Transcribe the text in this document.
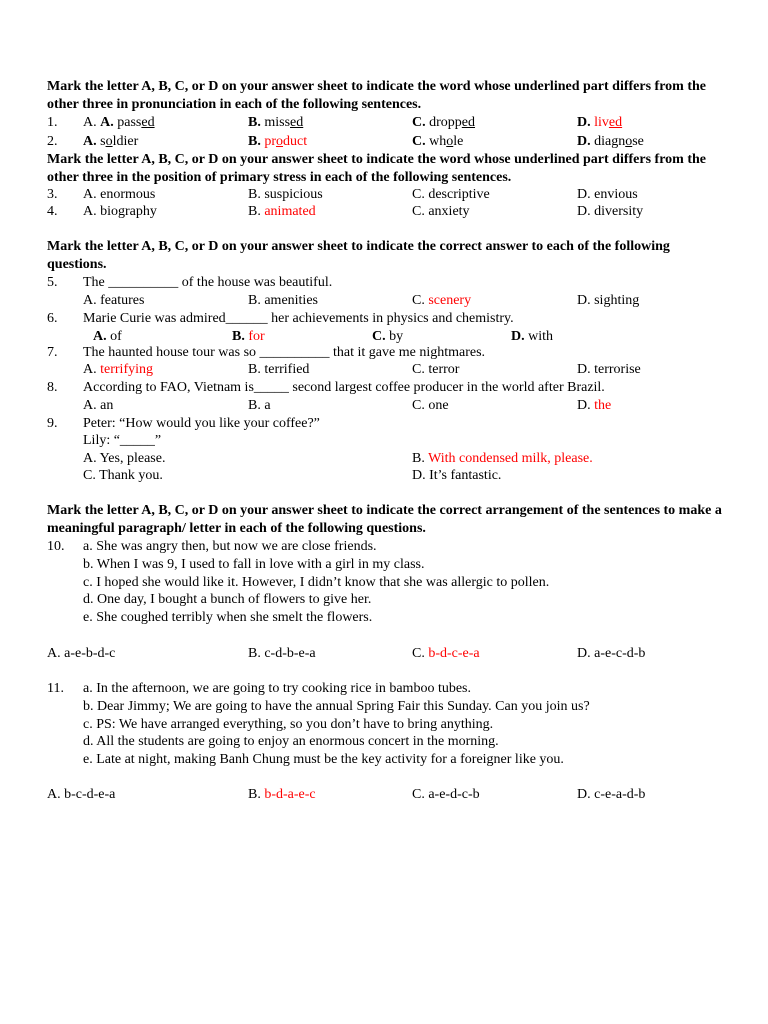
Mark the letter A, B, C, or D on your answer sheet to indicate the word whose underlined part differs from the other three in pronunciation in each of the following sentences.
1. A. A. passed	B. missed	C. dropped	D. lived
2. A. soldier	B. product	C. whole	D. diagnose
Mark the letter A, B, C, or D on your answer sheet to indicate the word whose underlined part differs from the other three in the position of primary stress in each of the following sentences.
3. A. enormous	B. suspicious	C. descriptive	D. envious
4. A. biography	B. animated	C. anxiety	D. diversity
Mark the letter A, B, C, or D on your answer sheet to indicate the correct answer to each of the following questions.
5. The __________ of the house was beautiful.
A. features	B. amenities	C. scenery	D. sighting
6. Marie Curie was admired______ her achievements in physics and chemistry.
A. of	B. for	C. by	D. with
7. The haunted house tour was so __________ that it gave me nightmares.
A. terrifying	B. terrified	C. terror	D. terrorise
8. According to FAO, Vietnam is_____ second largest coffee producer in the world after Brazil.
A. an	B. a	C. one	D. the
9. Peter: “How would you like your coffee?”
Lily: “_____”
A. Yes, please.	B. With condensed milk, please.
C. Thank you.	D. It’s fantastic.
Mark the letter A, B, C, or D on your answer sheet to indicate the correct arrangement of the sentences to make a meaningful paragraph/ letter in each of the following questions.
10. a. She was angry then, but now we are close friends.
b. When I was 9, I used to fall in love with a girl in my class.
c. I hoped she would like it. However, I didn’t know that she was allergic to pollen.
d. One day, I bought a bunch of flowers to give her.
e. She coughed terribly when she smelt the flowers.
A. a-e-b-d-c	B. c-d-b-e-a	C. b-d-c-e-a	D. a-e-c-d-b
11. a. In the afternoon, we are going to try cooking rice in bamboo tubes.
b. Dear Jimmy; We are going to have the annual Spring Fair this Sunday. Can you join us?
c. PS: We have arranged everything, so you don’t have to bring anything.
d. All the students are going to enjoy an enormous concert in the morning.
e. Late at night, making Banh Chung must be the key activity for a foreigner like you.
A. b-c-d-e-a	B. b-d-a-e-c	C. a-e-d-c-b	D. c-e-a-d-b
